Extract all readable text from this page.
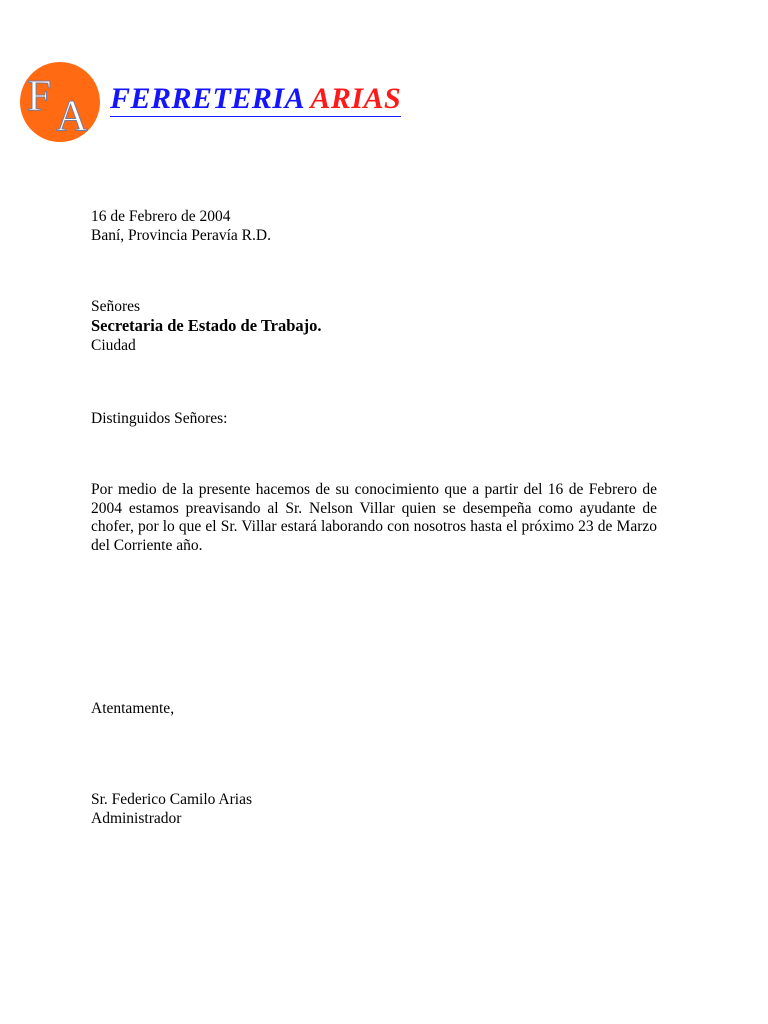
F A FERRETERIA ARIAS
16 de Febrero de 2004
Baní, Provincia Peravía R.D.
Señores
Secretaria de Estado de Trabajo.
Ciudad
Distinguidos Señores:
Por medio de la presente hacemos de su conocimiento que a partir del 16 de Febrero de 2004 estamos preavisando al Sr. Nelson Villar quien se desempeña como ayudante de chofer, por lo que el Sr. Villar estará laborando con nosotros hasta el próximo 23 de Marzo del Corriente año.
Atentamente,
Sr. Federico Camilo Arias
Administrador
